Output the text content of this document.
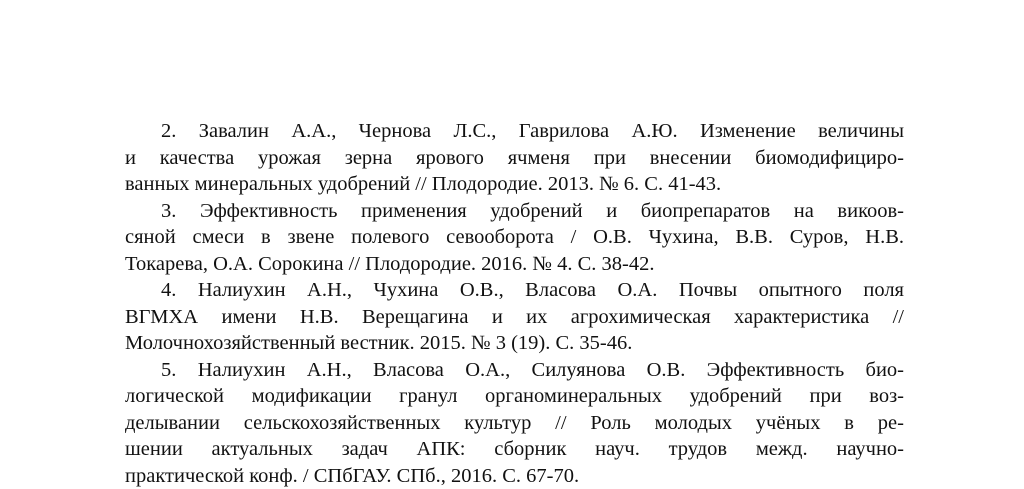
2. Завалин А.А., Чернова Л.С., Гаврилова А.Ю. Изменение величины
и качества урожая зерна ярового ячменя при внесении биомодифициро-
ванных минеральных удобрений // Плодородие. 2013. № 6. С. 41-43.
3. Эффективность применения удобрений и биопрепаратов на викоов-
сяной смеси в звене полевого севооборота / О.В. Чухина, В.В. Суров, Н.В.
Токарева, О.А. Сорокина // Плодородие. 2016. № 4. С. 38-42.
4. Налиухин А.Н., Чухина О.В., Власова О.А. Почвы опытного поля
ВГМХА имени Н.В. Верещагина и их агрохимическая характеристика //
Молочнохозяйственный вестник. 2015. № 3 (19). С. 35-46.
5. Налиухин А.Н., Власова О.А., Силуянова О.В. Эффективность био-
логической модификации гранул органоминеральных удобрений при воз-
делывании сельскохозяйственных культур // Роль молодых учёных в ре-
шении актуальных задач АПК: сборник науч. трудов межд. научно-
практической конф. / СПбГАУ. СПб., 2016. С. 67-70.
